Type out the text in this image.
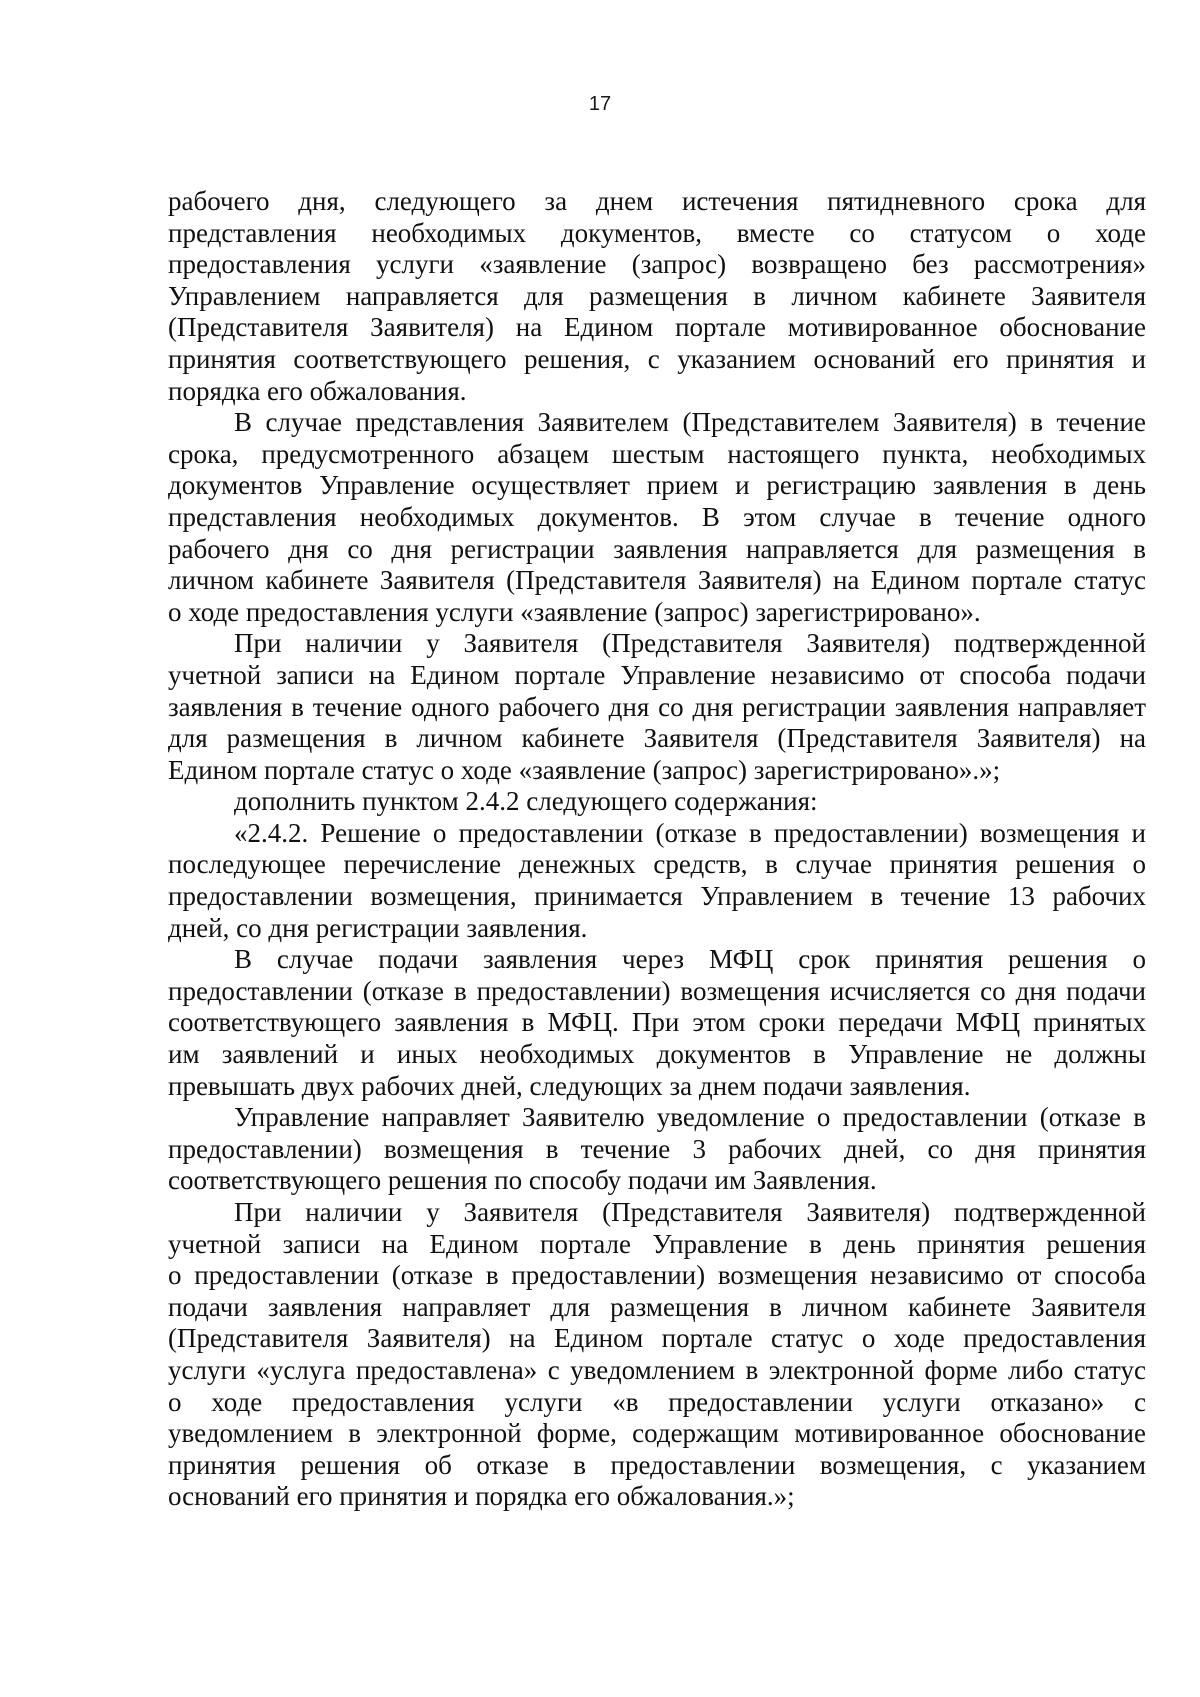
17
рабочего дня, следующего за днем истечения пятидневного срока для
представления необходимых документов, вместе со статусом о ходе
предоставления услуги «заявление (запрос) возвращено без рассмотрения»
Управлением направляется для размещения в личном кабинете Заявителя
(Представителя Заявителя) на Едином портале мотивированное обоснование
принятия соответствующего решения, с указанием оснований его принятия и
порядка его обжалования.
В случае представления Заявителем (Представителем Заявителя) в течение
срока, предусмотренного абзацем шестым настоящего пункта, необходимых
документов Управление осуществляет прием и регистрацию заявления в день
представления необходимых документов. В этом случае в течение одного
рабочего дня со дня регистрации заявления направляется для размещения в
личном кабинете Заявителя (Представителя Заявителя) на Едином портале статус
о ходе предоставления услуги «заявление (запрос) зарегистрировано».
При наличии у Заявителя (Представителя Заявителя) подтвержденной
учетной записи на Едином портале Управление независимо от способа подачи
заявления в течение одного рабочего дня со дня регистрации заявления направляет
для размещения в личном кабинете Заявителя (Представителя Заявителя) на
Едином портале статус о ходе «заявление (запрос) зарегистрировано».»;
дополнить пунктом 2.4.2 следующего содержания:
«2.4.2. Решение о предоставлении (отказе в предоставлении) возмещения и
последующее перечисление денежных средств, в случае принятия решения о
предоставлении возмещения, принимается Управлением в течение 13 рабочих
дней, со дня регистрации заявления.
В случае подачи заявления через МФЦ срок принятия решения о
предоставлении (отказе в предоставлении) возмещения исчисляется со дня подачи
соответствующего заявления в МФЦ. При этом сроки передачи МФЦ принятых
им заявлений и иных необходимых документов в Управление не должны
превышать двух рабочих дней, следующих за днем подачи заявления.
Управление направляет Заявителю уведомление о предоставлении (отказе в
предоставлении) возмещения в течение 3 рабочих дней, со дня принятия
соответствующего решения по способу подачи им Заявления.
При наличии у Заявителя (Представителя Заявителя) подтвержденной
учетной записи на Едином портале Управление в день принятия решения
о предоставлении (отказе в предоставлении) возмещения независимо от способа
подачи заявления направляет для размещения в личном кабинете Заявителя
(Представителя Заявителя) на Едином портале статус о ходе предоставления
услуги «услуга предоставлена» с уведомлением в электронной форме либо статус
о ходе предоставления услуги «в предоставлении услуги отказано» с
уведомлением в электронной форме, содержащим мотивированное обоснование
принятия решения об отказе в предоставлении возмещения, с указанием
оснований его принятия и порядка его обжалования.»;
